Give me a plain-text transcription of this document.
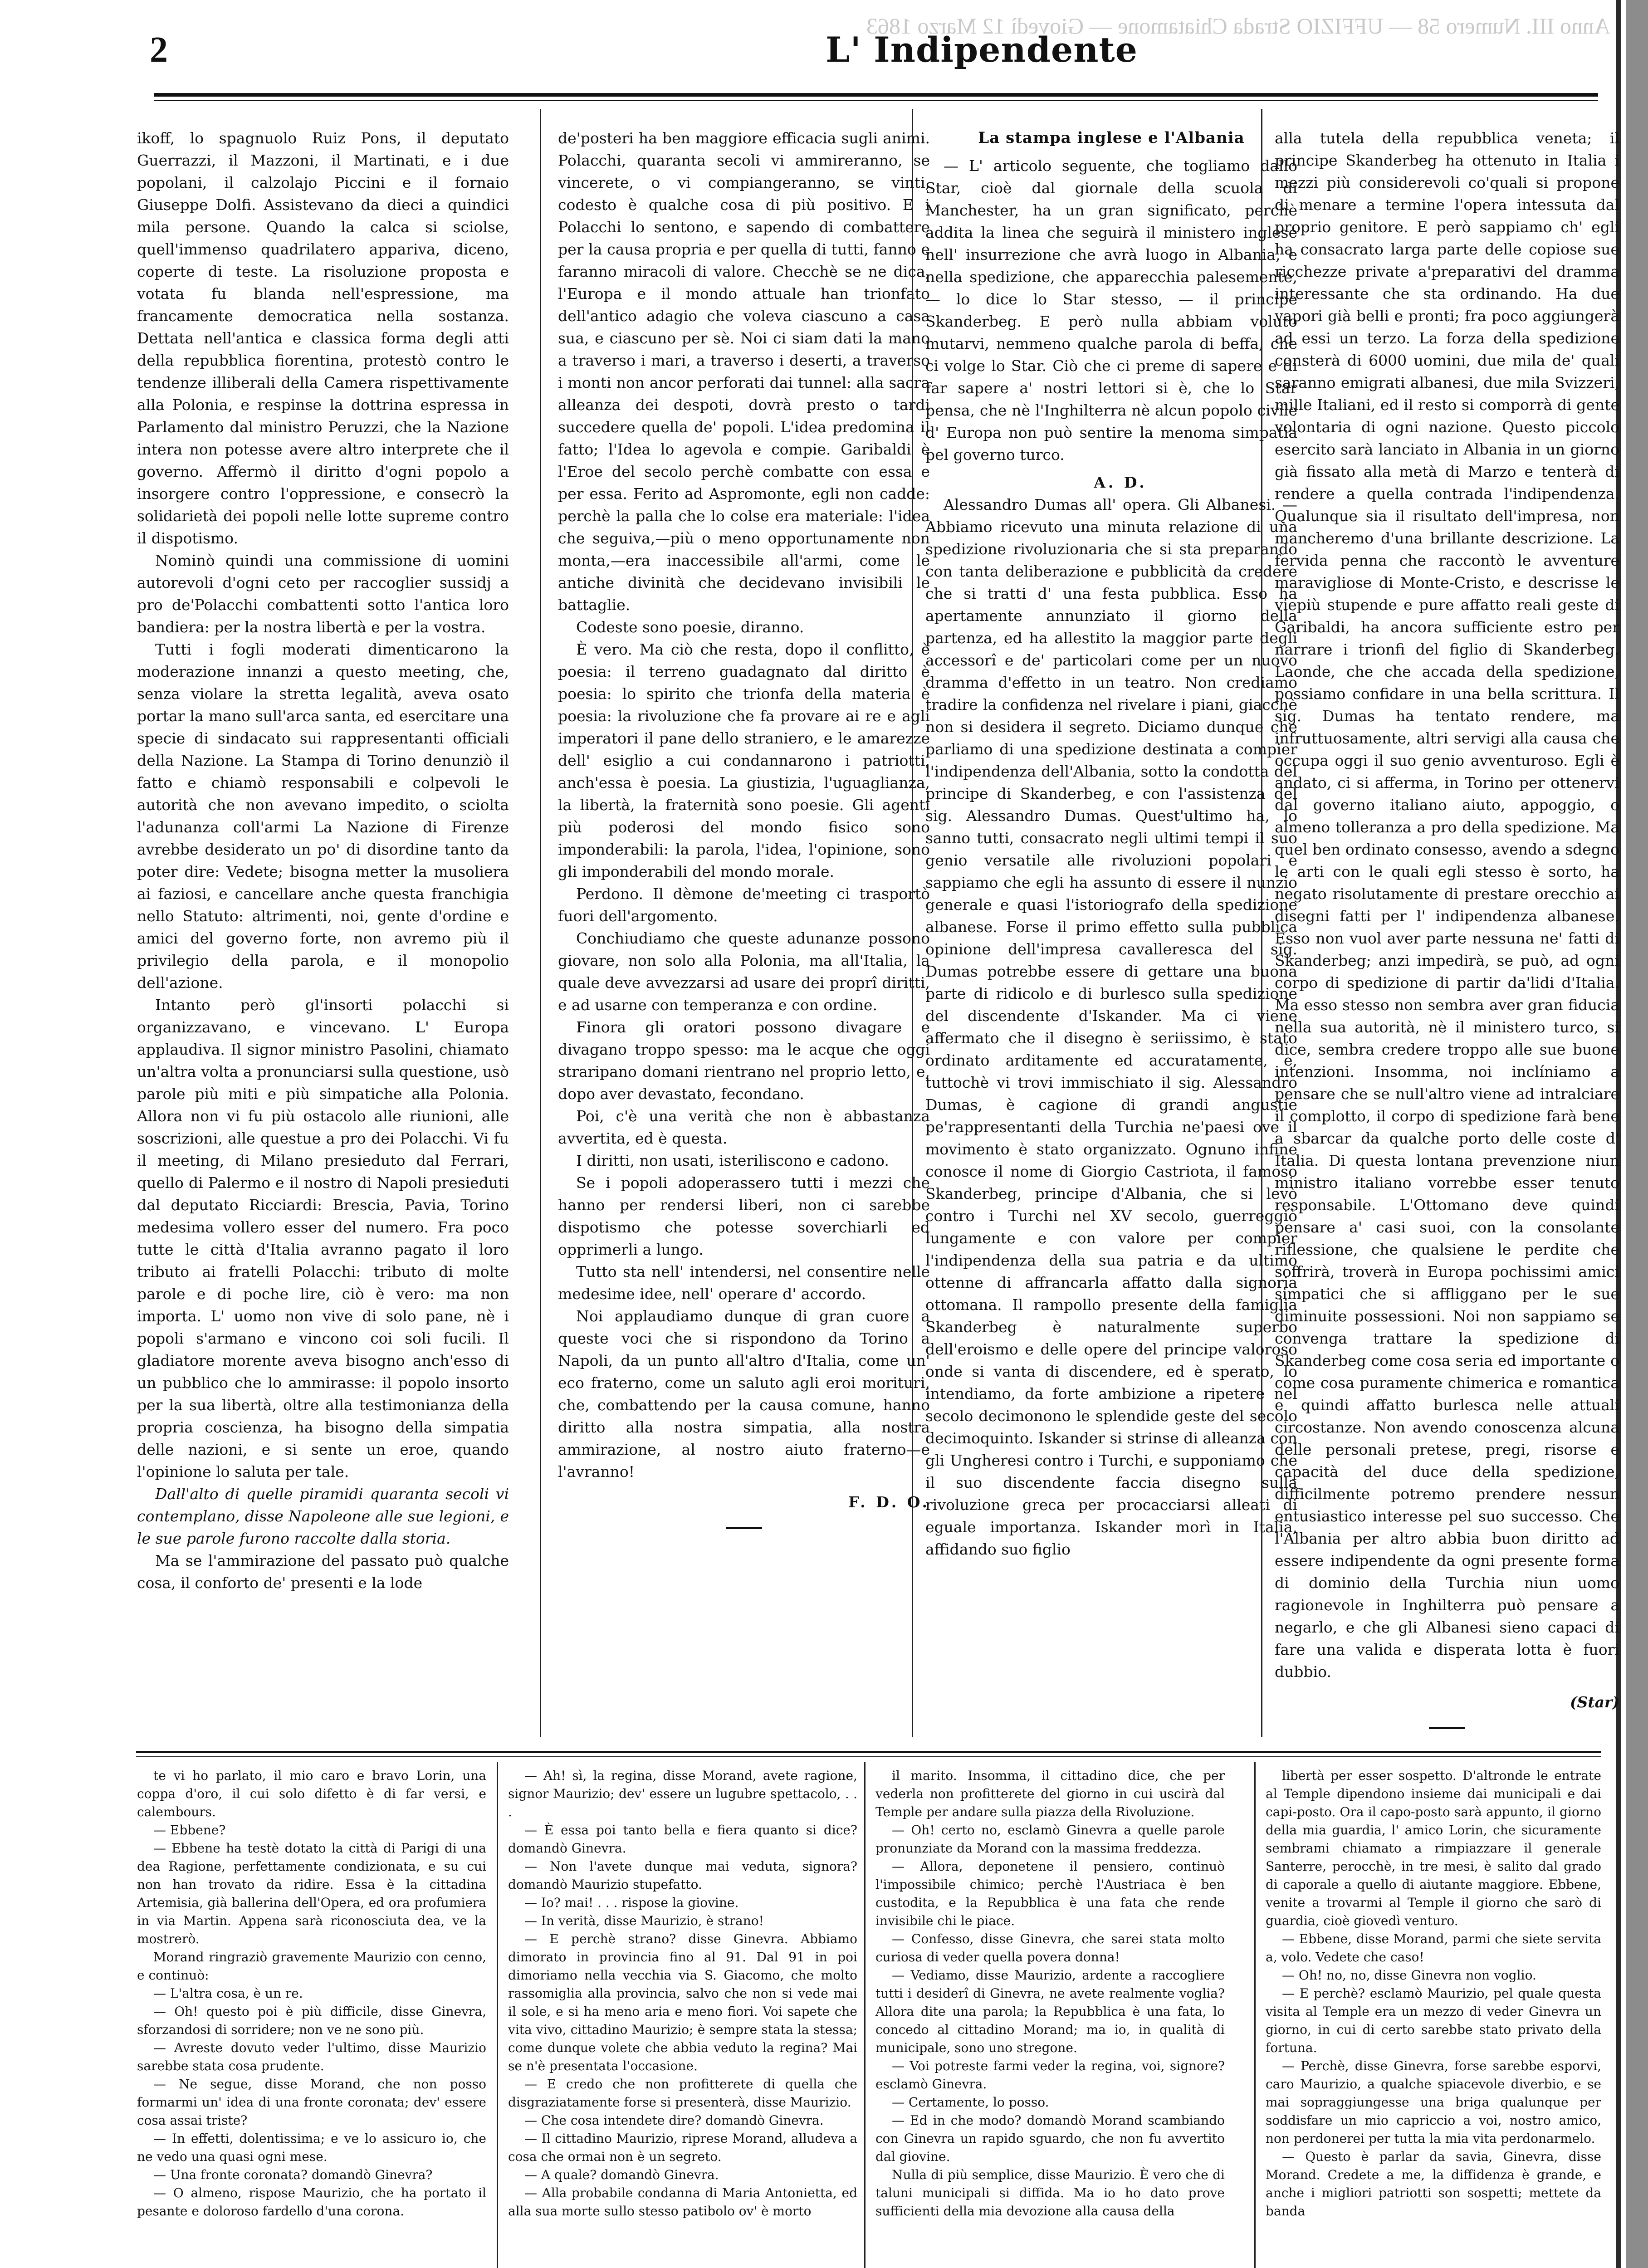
Anno III. Numero 58 — UFFIZIO Strada Chiatamone — Giovedì 12 Marzo 1863
2	L' Indipendente

ikoff, lo spagnuolo Ruiz Pons, il deputato Guerrazzi, il Mazzoni, il Martinati, e i due popolani, il calzolajo Piccini e il fornaio Giuseppe Dolfi. Assistevano da dieci a quindici mila persone. Quando la calca si sciolse, quell'immenso quadrilatero appariva, diceno, coperte di teste. La risoluzione proposta e votata fu blanda nell'espressione, ma francamente democratica nella sostanza. Dettata nell'antica e classica forma degli atti della repubblica fiorentina, protestò contro le tendenze illiberali della Camera rispettivamente alla Polonia, e respinse la dottrina espressa in Parlamento dal ministro Peruzzi, che la Nazione intera non potesse avere altro interprete che il governo. Affermò il diritto d'ogni popolo a insorgere contro l'oppressione, e consecrò la solidarietà dei popoli nelle lotte supreme contro il dispotismo.

Nominò quindi una commissione di uomini autorevoli d'ogni ceto per raccoglier sussidj a pro de'Polacchi combattenti sotto l'antica loro bandiera: per la nostra libertà e per la vostra.

Tutti i fogli moderati dimenticarono la moderazione innanzi a questo meeting, che, senza violare la stretta legalità, aveva osato portar la mano sull'arca santa, ed esercitare una specie di sindacato sui rappresentanti officiali della Nazione. La Stampa di Torino denunziò il fatto e chiamò responsabili e colpevoli le autorità che non avevano impedito, o sciolta l'adunanza coll'armi La Nazione di Firenze avrebbe desiderato un po' di disordine tanto da poter dire: Vedete; bisogna metter la musoliera ai faziosi, e cancellare anche questa franchigia nello Statuto: altrimenti, noi, gente d'ordine e amici del governo forte, non avremo più il privilegio della parola, e il monopolio dell'azione.

Intanto però gl'insorti polacchi si organizzavano, e vincevano. L' Europa applaudiva. Il signor ministro Pasolini, chiamato un'altra volta a pronunciarsi sulla questione, usò parole più miti e più simpatiche alla Polonia. Allora non vi fu più ostacolo alle riunioni, alle soscrizioni, alle questue a pro dei Polacchi. Vi fu il meeting, di Milano presieduto dal Ferrari, quello di Palermo e il nostro di Napoli presieduti dal deputato Ricciardi: Brescia, Pavia, Torino medesima vollero esser del numero. Fra poco tutte le città d'Italia avranno pagato il loro tributo ai fratelli Polacchi: tributo di molte parole e di poche lire, ciò è vero: ma non importa. L' uomo non vive di solo pane, nè i popoli s'armano e vincono coi soli fucili. Il gladiatore morente aveva bisogno anch'esso di un pubblico che lo ammirasse: il popolo insorto per la sua libertà, oltre alla testimonianza della propria coscienza, ha bisogno della simpatia delle nazioni, e si sente un eroe, quando l'opinione lo saluta per tale.

Dall'alto di quelle piramidi quaranta secoli vi contemplano, disse Napoleone alle sue legioni, e le sue parole furono raccolte dalla storia.

Ma se l'ammirazione del passato può qualche cosa, il conforto de' presenti e la lode

de'posteri ha ben maggiore efficacia sugli animi. Polacchi, quaranta secoli vi ammireranno, se vincerete, o vi compiangeranno, se vinti, codesto è qualche cosa di più positivo. E i Polacchi lo sentono, e sapendo di combattere per la causa propria e per quella di tutti, fanno e faranno miracoli di valore. Checchè se ne dica, l'Europa e il mondo attuale han trionfato dell'antico adagio che voleva ciascuno a casa sua, e ciascuno per sè. Noi ci siam dati la mano a traverso i mari, a traverso i deserti, a traverso i monti non ancor perforati dai tunnel: alla sacra alleanza dei despoti, dovrà presto o tardi succedere quella de' popoli. L'idea predomina il fatto; l'Idea lo agevola e compie. Garibaldi è l'Eroe del secolo perchè combatte con essa e per essa. Ferito ad Aspromonte, egli non cadde: perchè la palla che lo colse era materiale: l'idea che seguiva,—più o meno opportunamente non monta,—era inaccessibile all'armi, come le antiche divinità che decidevano invisibili le battaglie.

Codeste sono poesie, diranno.

È vero. Ma ciò che resta, dopo il conflitto, è poesia: il terreno guadagnato dal diritto è poesia: lo spirito che trionfa della materia è poesia: la rivoluzione che fa provare ai re e agli imperatori il pane dello straniero, e le amarezze dell' esiglio a cui condannarono i patriotti, anch'essa è poesia. La giustizia, l'uguaglianza, la libertà, la fraternità sono poesie. Gli agenti più poderosi del mondo fisico sono imponderabili: la parola, l'idea, l'opinione, sono gli imponderabili del mondo morale.

Perdono. Il dèmone de'meeting ci trasportò fuori dell'argomento.

Conchiudiamo che queste adunanze possono giovare, non solo alla Polonia, ma all'Italia, la quale deve avvezzarsi ad usare dei proprî diritti, e ad usarne con temperanza e con ordine.

Finora gli oratori possono divagare e divagano troppo spesso: ma le acque che oggi straripano domani rientrano nel proprio letto, e, dopo aver devastato, fecondano.

Poi, c'è una verità che non è abbastanza avvertita, ed è questa.

I diritti, non usati, isteriliscono e cadono.

Se i popoli adoperassero tutti i mezzi che hanno per rendersi liberi, non ci sarebbe dispotismo che potesse soverchiarli ed opprimerli a lungo.

Tutto sta nell' intendersi, nel consentire nelle medesime idee, nell' operare d' accordo.

Noi applaudiamo dunque di gran cuore a queste voci che si rispondono da Torino a Napoli, da un punto all'altro d'Italia, come un' eco fraterno, come un saluto agli eroi morituri, che, combattendo per la causa comune, hanno diritto alla nostra simpatia, alla nostra ammirazione, al nostro aiuto fraterno—e l'avranno!

F. D. O.

La stampa inglese e l'Albania

— L' articolo seguente, che togliamo dallo Star, cioè dal giornale della scuola di Manchester, ha un gran significato, perchè addita la linea che seguirà il ministero inglese nell' insurrezione che avrà luogo in Albania, e nella spedizione, che apparecchia palesemente, — lo dice lo Star stesso, — il principe Skanderbeg. E però nulla abbiam voluto mutarvi, nemmeno qualche parola di beffa, che ci volge lo Star. Ciò che ci preme di sapere e di far sapere a' nostri lettori si è, che lo Star pensa, che nè l'Inghilterra nè alcun popolo civile d' Europa non può sentire la menoma simpatia pel governo turco.

A. D.

Alessandro Dumas all' opera. Gli Albanesi. — Abbiamo ricevuto una minuta relazione di una spedizione rivoluzionaria che si sta preparando con tanta deliberazione e pubblicità da credere che si tratti d' una festa pubblica. Esso ha apertamente annunziato il giorno della partenza, ed ha allestito la maggior parte degli accessorî e de' particolari come per un nuovo dramma d'effetto in un teatro. Non crediamo tradire la confidenza nel rivelare i piani, giacchè non si desidera il segreto. Diciamo dunque che parliamo di una spedizione destinata a compier l'indipendenza dell'Albania, sotto la condotta del principe di Skanderbeg, e con l'assistenza del sig. Alessandro Dumas. Quest'ultimo ha, lo sanno tutti, consacrato negli ultimi tempi il suo genio versatile alle rivoluzioni popolari e sappiamo che egli ha assunto di essere il nunzio generale e quasi l'istoriografo della spedizione albanese. Forse il primo effetto sulla pubblica opinione dell'impresa cavalleresca del sig. Dumas potrebbe essere di gettare una buona parte di ridicolo e di burlesco sulla spedizione del discendente d'Iskander. Ma ci viene affermato che il disegno è seriissimo, è stato ordinato arditamente ed accuratamente, e, tuttochè vi trovi immischiato il sig. Alessandro Dumas, è cagione di grandi angustie pe'rappresentanti della Turchia ne'paesi ove il movimento è stato organizzato. Ognuno infine conosce il nome di Giorgio Castriota, il famoso Skanderbeg, principe d'Albania, che si levò contro i Turchi nel XV secolo, guerreggiò lungamente e con valore per compier l'indipendenza della sua patria e da ultimo ottenne di affrancarla affatto dalla signoria ottomana. Il rampollo presente della famiglia Skanderbeg è naturalmente superbo dell'eroismo e delle opere del principe valoroso onde si vanta di discendere, ed è sperato, lo intendiamo, da forte ambizione a ripetere nel secolo decimonono le splendide geste del secolo decimoquinto. Iskander si strinse di alleanza con gli Ungheresi contro i Turchi, e supponiamo che il suo discendente faccia disegno sulla rivoluzione greca per procacciarsi alleati di eguale importanza. Iskander morì in Italia, affidando suo figlio

alla tutela della repubblica veneta; il principe Skanderbeg ha ottenuto in Italia i mezzi più considerevoli co'quali si propone di menare a termine l'opera intessuta dal proprio genitore. E però sappiamo ch' egli ha consacrato larga parte delle copiose sue ricchezze private a'preparativi del dramma interessante che sta ordinando. Ha due vapori già belli e pronti; fra poco aggiungerà ad essi un terzo. La forza della spedizione consterà di 6000 uomini, due mila de' quali saranno emigrati albanesi, due mila Svizzeri, mille Italiani, ed il resto si comporrà di gente volontaria di ogni nazione. Questo piccolo esercito sarà lanciato in Albania in un giorno già fissato alla metà di Marzo e tenterà di rendere a quella contrada l'indipendenza. Qualunque sia il risultato dell'impresa, non mancheremo d'una brillante descrizione. La fervida penna che raccontò le avventure maravigliose di Monte-Cristo, e descrisse le viepiù stupende e pure affatto reali geste di Garibaldi, ha ancora sufficiente estro per narrare i trionfi del figlio di Skanderbeg. Laonde, che che accada della spedizione, possiamo confidare in una bella scrittura. Il sig. Dumas ha tentato rendere, ma infruttuosamente, altri servigi alla causa che occupa oggi il suo genio avventuroso. Egli è andato, ci si afferma, in Torino per ottenervi dal governo italiano aiuto, appoggio, o almeno tolleranza a pro della spedizione. Ma quel ben ordinato consesso, avendo a sdegno le arti con le quali egli stesso è sorto, ha negato risolutamente di prestare orecchio ai disegni fatti per l' indipendenza albanese. Esso non vuol aver parte nessuna ne' fatti di Skanderbeg; anzi impedirà, se può, ad ogni corpo di spedizione di partir da'lidi d'Italia. Ma esso stesso non sembra aver gran fiducia nella sua autorità, nè il ministero turco, si dice, sembra credere troppo alle sue buone intenzioni. Insomma, noi inclíniamo a pensare che se null'altro viene ad intralciare il complotto, il corpo di spedizione farà bene a sbarcar da qualche porto delle coste d' Italia. Di questa lontana prevenzione niun ministro italiano vorrebbe esser tenuto responsabile. L'Ottomano deve quindi pensare a' casi suoi, con la consolante riflessione, che qualsiene le perdite che soffrirà, troverà in Europa pochissimi amici simpatici che si affliggano per le sue diminuite possessioni. Noi non sappiamo se convenga trattare la spedizione di Skanderbeg come cosa seria ed importante o come cosa puramente chimerica e romantica e quindi affatto burlesca nelle attuali circostanze. Non avendo conoscenza alcuna delle personali pretese, pregi, risorse e capacità del duce della spedizione, difficilmente potremo prendere nessun entusiastico interesse pel suo successo. Che l'Albania per altro abbia buon diritto ad essere indipendente da ogni presente forma di dominio della Turchia niun uomo ragionevole in Inghilterra può pensare a negarlo, e che gli Albanesi sieno capaci di fare una valida e disperata lotta è fuori dubbio.

(Star)

te vi ho parlato, il mio caro e bravo Lorin, una coppa d'oro, il cui solo difetto è di far versi, e calembours.

— Ebbene?

— Ebbene ha testè dotato la città di Parigi di una dea Ragione, perfettamente condizionata, e su cui non han trovato da ridire. Essa è la cittadina Artemisia, già ballerina dell'Opera, ed ora profumiera in via Martin. Appena sarà riconosciuta dea, ve la mostrerò.

Morand ringraziò gravemente Maurizio con cenno, e continuò:

— L'altra cosa, è un re.

— Oh! questo poi è più difficile, disse Ginevra, sforzandosi di sorridere; non ve ne sono più.

— Avreste dovuto veder l'ultimo, disse Maurizio sarebbe stata cosa prudente.

— Ne segue, disse Morand, che non posso formarmi un' idea di una fronte coronata; dev' essere cosa assai triste?

— In effetti, dolentissima; e ve lo assicuro io, che ne vedo una quasi ogni mese.

— Una fronte coronata? domandò Ginevra?

— O almeno, rispose Maurizio, che ha portato il pesante e doloroso fardello d'una corona.

— Ah! sì, la regina, disse Morand, avete ragione, signor Maurizio; dev' essere un lugubre spettacolo, . . .

— È essa poi tanto bella e fiera quanto si dice? domandò Ginevra.

— Non l'avete dunque mai veduta, signora? domandò Maurizio stupefatto.

— Io? mai! . . . rispose la giovine.

— In verità, disse Maurizio, è strano!

— E perchè strano? disse Ginevra. Abbiamo dimorato in provincia fino al 91. Dal 91 in poi dimoriamo nella vecchia via S. Giacomo, che molto rassomiglia alla provincia, salvo che non si vede mai il sole, e si ha meno aria e meno fiori. Voi sapete che vita vivo, cittadino Maurizio; è sempre stata la stessa; come dunque volete che abbia veduto la regina? Mai se n'è presentata l'occasione.

— E credo che non profitterete di quella che disgraziatamente forse si presenterà, disse Maurizio.

— Che cosa intendete dire? domandò Ginevra.

— Il cittadino Maurizio, riprese Morand, alludeva a cosa che ormai non è un segreto.

— A quale? domandò Ginevra.

— Alla probabile condanna di Maria Antonietta, ed alla sua morte sullo stesso patibolo ov' è morto

il marito. Insomma, il cittadino dice, che per vederla non profitterete del giorno in cui uscirà dal Temple per andare sulla piazza della Rivoluzione.

— Oh! certo no, esclamò Ginevra a quelle parole pronunziate da Morand con la massima freddezza.

— Allora, deponetene il pensiero, continuò l'impossibile chimico; perchè l'Austriaca è ben custodita, e la Repubblica è una fata che rende invisibile chi le piace.

— Confesso, disse Ginevra, che sarei stata molto curiosa di veder quella povera donna!

— Vediamo, disse Maurizio, ardente a raccogliere tutti i desiderî di Ginevra, ne avete realmente voglia? Allora dite una parola; la Repubblica è una fata, lo concedo al cittadino Morand; ma io, in qualità di municipale, sono uno stregone.

— Voi potreste farmi veder la regina, voi, signore? esclamò Ginevra.

— Certamente, lo posso.

— Ed in che modo? domandò Morand scambiando con Ginevra un rapido sguardo, che non fu avvertito dal giovine.

Nulla di più semplice, disse Maurizio. È vero che di taluni municipali si diffida. Ma io ho dato prove sufficienti della mia devozione alla causa della

libertà per esser sospetto. D'altronde le entrate al Temple dipendono insieme dai municipali e dai capi-posto. Ora il capo-posto sarà appunto, il giorno della mia guardia, l' amico Lorin, che sicuramente sembrami chiamato a rimpiazzare il generale Santerre, perocchè, in tre mesi, è salito dal grado di caporale a quello di aiutante maggiore. Ebbene, venite a trovarmi al Temple il giorno che sarò di guardia, cioè giovedì venturo.

— Ebbene, disse Morand, parmi che siete servita a, volo. Vedete che caso!

— Oh! no, no, disse Ginevra non voglio.

— E perchè? esclamò Maurizio, pel quale questa visita al Temple era un mezzo di veder Ginevra un giorno, in cui di certo sarebbe stato privato della fortuna.

— Perchè, disse Ginevra, forse sarebbe esporvi, caro Maurizio, a qualche spiacevole diverbio, e se mai sopraggiungesse una briga qualunque per soddisfare un mio capriccio a voi, nostro amico, non perdonerei per tutta la mia vita perdonarmelo.

— Questo è parlar da savia, Ginevra, disse Morand. Credete a me, la diffidenza è grande, e anche i migliori patriotti son sospetti; mettete da banda
